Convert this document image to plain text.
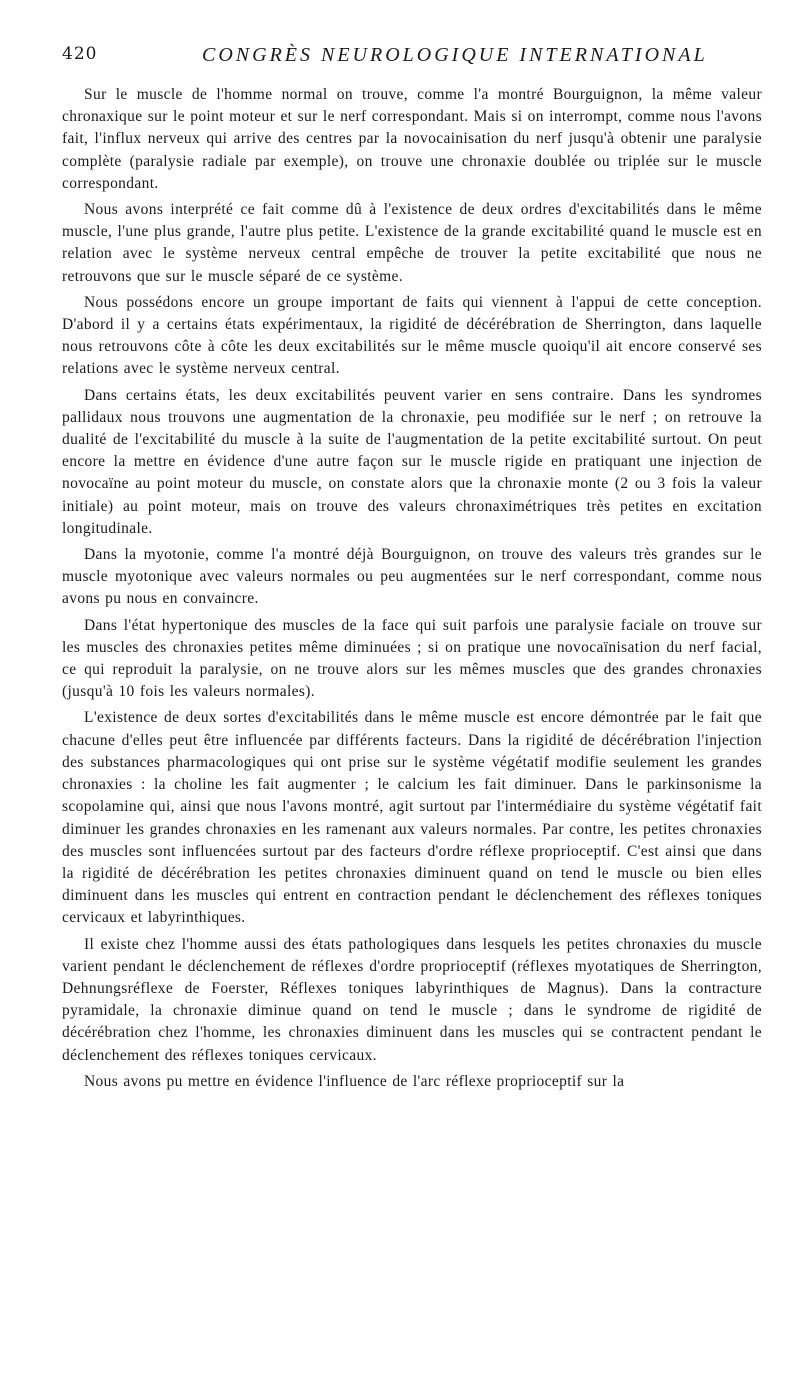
420	CONGRÈS NEUROLOGIQUE INTERNATIONAL

Sur le muscle de l'homme normal on trouve, comme l'a montré Bourguignon, la même valeur chronaxique sur le point moteur et sur le nerf correspondant. Mais si on interrompt, comme nous l'avons fait, l'influx nerveux qui arrive des centres par la novocainisation du nerf jusqu'à obtenir une paralysie complète (paralysie radiale par exemple), on trouve une chronaxie doublée ou triplée sur le muscle correspondant.

Nous avons interprété ce fait comme dû à l'existence de deux ordres d'excitabilités dans le même muscle, l'une plus grande, l'autre plus petite. L'existence de la grande excitabilité quand le muscle est en relation avec le système nerveux central empêche de trouver la petite excitabilité que nous ne retrouvons que sur le muscle séparé de ce système.

Nous possédons encore un groupe important de faits qui viennent à l'appui de cette conception. D'abord il y a certains états expérimentaux, la rigidité de décérébration de Sherrington, dans laquelle nous retrouvons côte à côte les deux excitabilités sur le même muscle quoiqu'il ait encore conservé ses relations avec le système nerveux central.

Dans certains états, les deux excitabilités peuvent varier en sens contraire. Dans les syndromes pallidaux nous trouvons une augmentation de la chronaxie, peu modifiée sur le nerf ; on retrouve la dualité de l'excitabilité du muscle à la suite de l'augmentation de la petite excitabilité surtout. On peut encore la mettre en évidence d'une autre façon sur le muscle rigide en pratiquant une injection de novocaïne au point moteur du muscle, on constate alors que la chronaxie monte (2 ou 3 fois la valeur initiale) au point moteur, mais on trouve des valeurs chronaximétriques très petites en excitation longitudinale.

Dans la myotonie, comme l'a montré déjà Bourguignon, on trouve des valeurs très grandes sur le muscle myotonique avec valeurs normales ou peu augmentées sur le nerf correspondant, comme nous avons pu nous en convaincre.

Dans l'état hypertonique des muscles de la face qui suit parfois une paralysie faciale on trouve sur les muscles des chronaxies petites même diminuées ; si on pratique une novocaïnisation du nerf facial, ce qui reproduit la paralysie, on ne trouve alors sur les mêmes muscles que des grandes chronaxies (jusqu'à 10 fois les valeurs normales).

L'existence de deux sortes d'excitabilités dans le même muscle est encore démontrée par le fait que chacune d'elles peut être influencée par différents facteurs. Dans la rigidité de décérébration l'injection des substances pharmacologiques qui ont prise sur le système végétatif modifie seulement les grandes chronaxies : la choline les fait augmenter ; le calcium les fait diminuer. Dans le parkinsonisme la scopolamine qui, ainsi que nous l'avons montré, agit surtout par l'intermédiaire du système végétatif fait diminuer les grandes chronaxies en les ramenant aux valeurs normales. Par contre, les petites chronaxies des muscles sont influencées surtout par des facteurs d'ordre réflexe proprioceptif. C'est ainsi que dans la rigidité de décérébration les petites chronaxies diminuent quand on tend le muscle ou bien elles diminuent dans les muscles qui entrent en contraction pendant le déclenchement des réflexes toniques cervicaux et labyrinthiques.

Il existe chez l'homme aussi des états pathologiques dans lesquels les petites chronaxies du muscle varient pendant le déclenchement de réflexes d'ordre proprioceptif (réflexes myotatiques de Sherrington, Dehnungsréflexe de Foerster, Réflexes toniques labyrinthiques de Magnus). Dans la contracture pyramidale, la chronaxie diminue quand on tend le muscle ; dans le syndrome de rigidité de décérébration chez l'homme, les chronaxies diminuent dans les muscles qui se contractent pendant le déclenchement des réflexes toniques cervicaux.

Nous avons pu mettre en évidence l'influence de l'arc réflexe proprioceptif sur la
